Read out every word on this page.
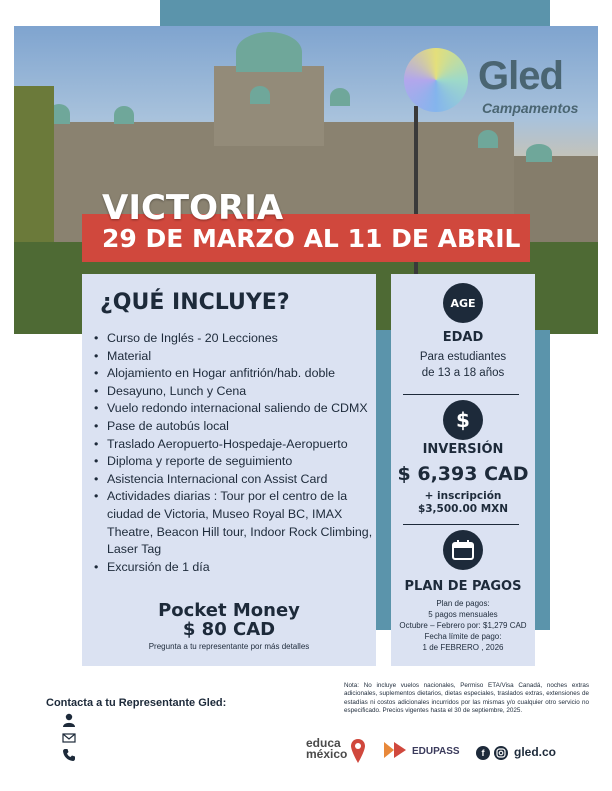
Gled
Campamentos
VICTORIA
29 DE MARZO AL 11 DE ABRIL
¿QUÉ INCLUYE?
• Curso de Inglés - 20 Lecciones
• Material
• Alojamiento en Hogar anfitrión/hab. doble
• Desayuno, Lunch y Cena
• Vuelo redondo internacional saliendo de CDMX
• Pase de autobús local
• Traslado Aeropuerto-Hospedaje-Aeropuerto
• Diploma y reporte de seguimiento
• Asistencia Internacional con Assist Card
• Actividades diarias : Tour por el centro de la ciudad de Victoria, Museo Royal BC, IMAX Theatre, Beacon Hill tour, Indoor Rock Climbing, Laser Tag
• Excursión de 1 día
Pocket Money
$ 80 CAD
Pregunta a tu representante por más detalles
AGE
EDAD
Para estudiantes
de 13 a 18 años
$
INVERSIÓN
$ 6,393 CAD
+ inscripción
$3,500.00 MXN
PLAN DE PAGOS
Plan de pagos:
5 pagos mensuales
Octubre – Febrero por: $1,279 CAD
Fecha límite de pago:
1 de FEBRERO , 2026
Contacta a tu Representante Gled:
Nota: No incluye vuelos nacionales, Permiso ETA/Visa Canadá, noches extras adicionales, suplementos dietarios, dietas especiales, traslados extras, extensiones de estadías ni costos adicionales incurridos por las mismas y/o cualquier otro servicio no especificado. Precios vigentes hasta el 30 de septiembre, 2025.
educa
méxico	EDUPASS	f	gled.co
